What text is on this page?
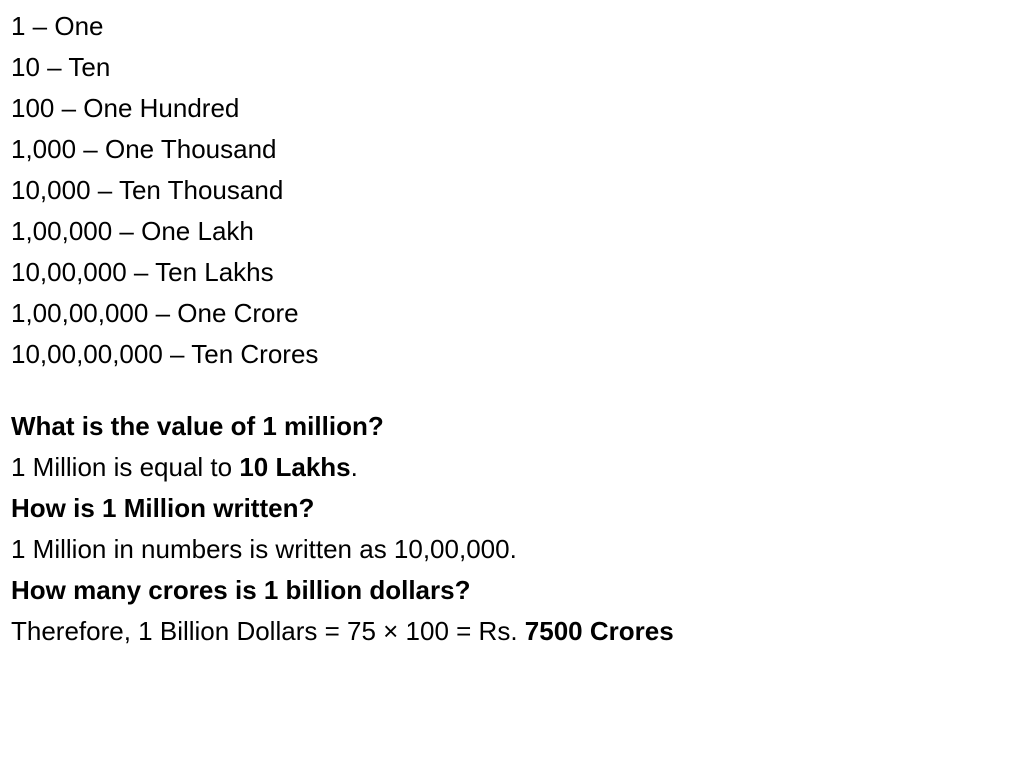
1 – One
10 – Ten
100 – One Hundred
1,000 – One Thousand
10,000 – Ten Thousand
1,00,000 – One Lakh
10,00,000 – Ten Lakhs
1,00,00,000 – One Crore
10,00,00,000 – Ten Crores
What is the value of 1 million?
1 Million is equal to 10 Lakhs.
How is 1 Million written?
1 Million in numbers is written as 10,00,000.
How many crores is 1 billion dollars?
Therefore, 1 Billion Dollars = 75 × 100 = Rs. 7500 Crores
